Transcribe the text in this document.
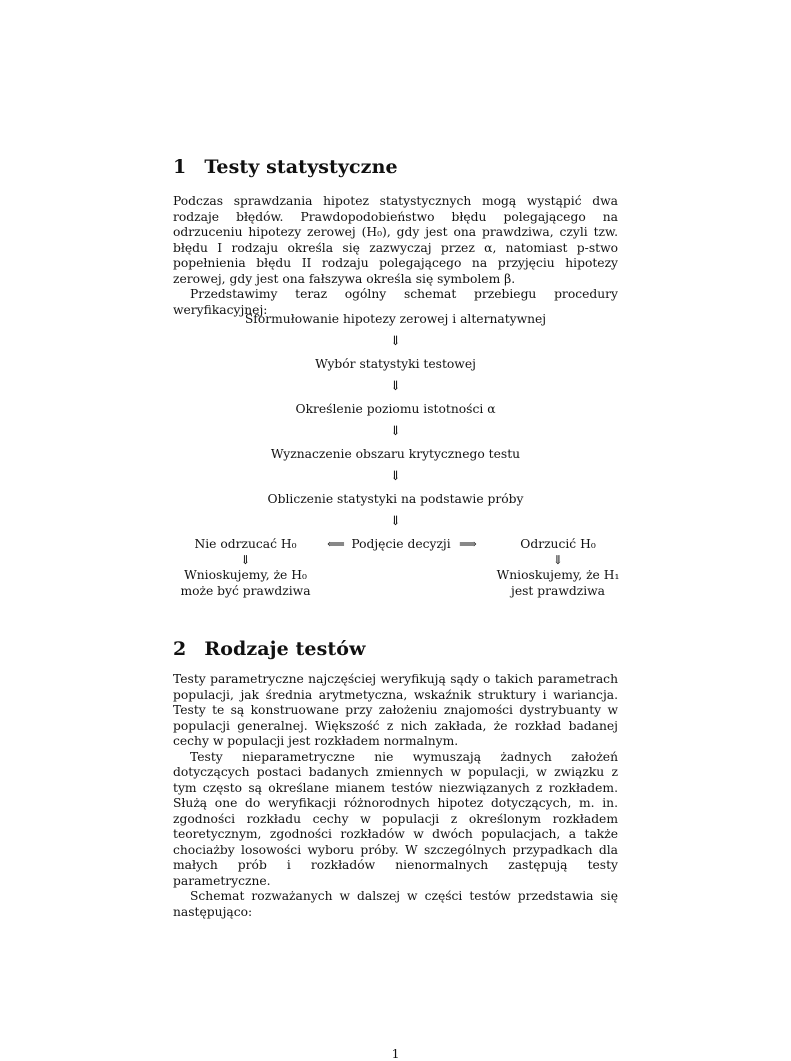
1 Testy statystyczne

Podczas sprawdzania hipotez statystycznych mogą wystąpić dwa rodzaje błędów. Prawdopodobieństwo błędu polegającego na odrzuceniu hipotezy zerowej (H₀), gdy jest ona prawdziwa, czyli tzw. błędu I rodzaju określa się zazwyczaj przez α, natomiast p-stwo popełnienia błędu II rodzaju polegającego na przyjęciu hipotezy zerowej, gdy jest ona fałszywa określa się symbolem β.

Przedstawimy teraz ogólny schemat przebiegu procedury weryfikacyjnej:

Sformułowanie hipotezy zerowej i alternatywnej
⇓
Wybór statystyki testowej
⇓
Określenie poziomu istotności α
⇓
Wyznaczenie obszaru krytycznego testu
⇓
Obliczenie statystyki na podstawie próby
⇓
Nie odrzucać H₀
⇓
Wnioskujemy, że H₀
może być prawdziwa
⟸ Podjęcie decyzji ⟹	Odrzucić H₀
⇓
Wnioskujemy, że H₁
jest prawdziwa
2 Rodzaje testów

Testy parametryczne najczęściej weryfikują sądy o takich parametrach populacji, jak średnia arytmetyczna, wskaźnik struktury i wariancja. Testy te są konstruowane przy założeniu znajomości dystrybuanty w populacji generalnej. Większość z nich zakłada, że rozkład badanej cechy w populacji jest rozkładem normalnym.

Testy nieparametryczne nie wymuszają żadnych założeń dotyczących postaci badanych zmiennych w populacji, w związku z tym często są określane mianem testów niezwiązanych z rozkładem. Służą one do weryfikacji różnorodnych hipotez dotyczących, m. in. zgodności rozkładu cechy w populacji z określonym rozkładem teoretycznym, zgodności rozkładów w dwóch populacjach, a także chociażby losowości wyboru próby. W szczególnych przypadkach dla małych prób i rozkładów nienormalnych zastępują testy parametryczne.

Schemat rozważanych w dalszej w części testów przedstawia się następująco:

1
